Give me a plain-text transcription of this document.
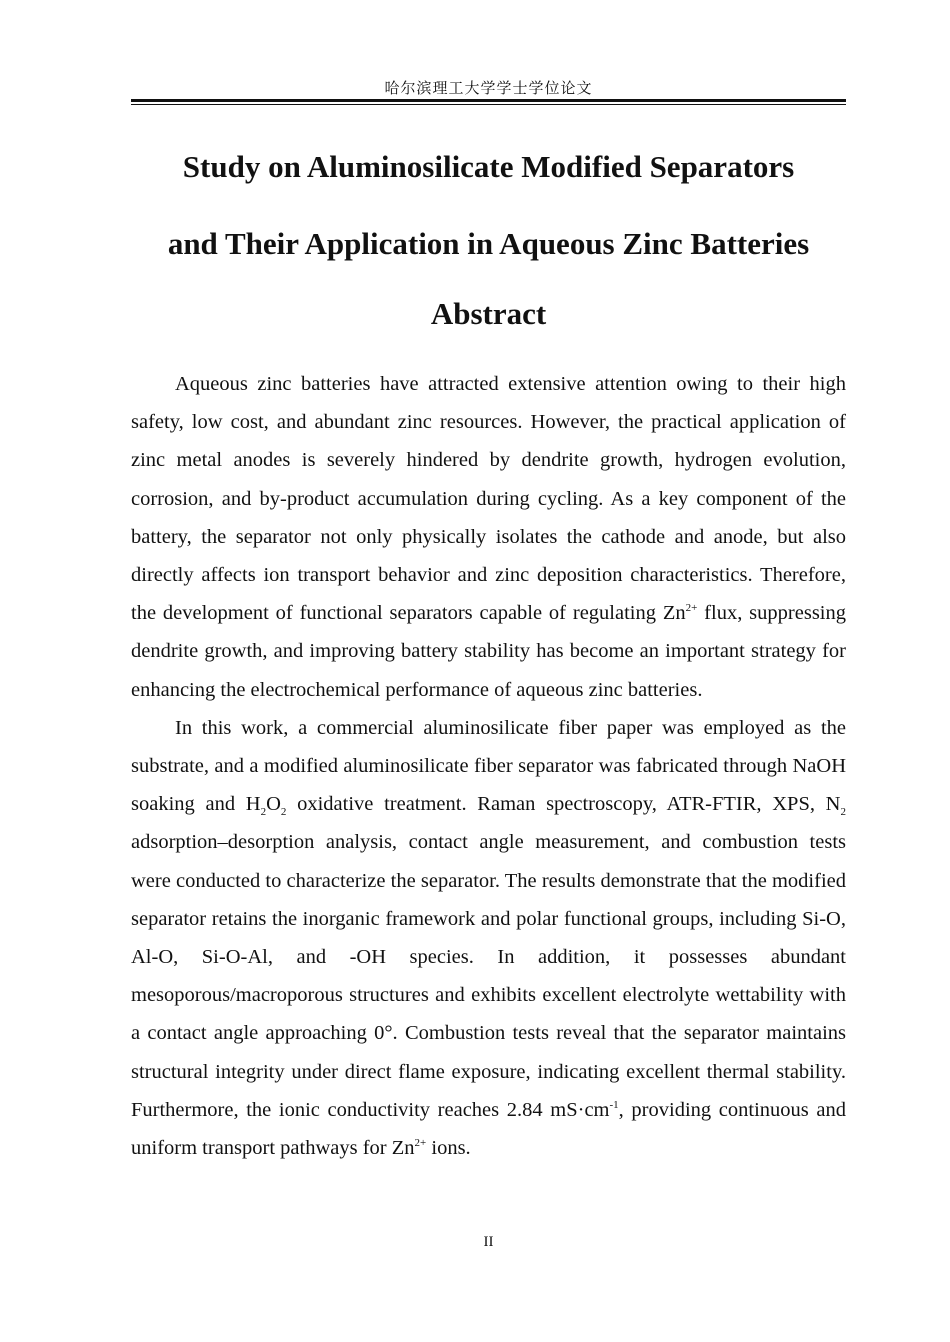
哈尔滨理工大学学士学位论文
Study on Aluminosilicate Modified Separators
and Their Application in Aqueous Zinc Batteries
Abstract

Aqueous zinc batteries have attracted extensive attention owing to their high safety, low cost, and abundant zinc resources. However, the practical application of zinc metal anodes is severely hindered by dendrite growth, hydrogen evolution, corrosion, and by-product accumulation during cycling. As a key component of the battery, the separator not only physically isolates the cathode and anode, but also directly affects ion transport behavior and zinc deposition characteristics. Therefore, the development of functional separators capable of regulating $Zn^{2+}$ flux, suppressing dendrite growth, and improving battery stability has become an important strategy for enhancing the electrochemical performance of aqueous zinc batteries.

In this work, a commercial aluminosilicate fiber paper was employed as the substrate, and a modified aluminosilicate fiber separator was fabricated through NaOH soaking and $H_2O_2$ oxidative treatment. Raman spectroscopy, ATR-FTIR, XPS, $N_2$ adsorption–desorption analysis, contact angle measurement, and combustion tests were conducted to characterize the separator. The results demonstrate that the modified separator retains the inorganic framework and polar functional groups, including Si-O, Al-O, Si-O-Al, and -OH species. In addition, it possesses abundant mesoporous/macroporous structures and exhibits excellent electrolyte wettability with a contact angle approaching 0°. Combustion tests reveal that the separator maintains structural integrity under direct flame exposure, indicating excellent thermal stability. Furthermore, the ionic conductivity reaches 2.84 $mS\cdot cm^{-1}$, providing continuous and uniform transport pathways for $Zn^{2+}$ ions.

II
